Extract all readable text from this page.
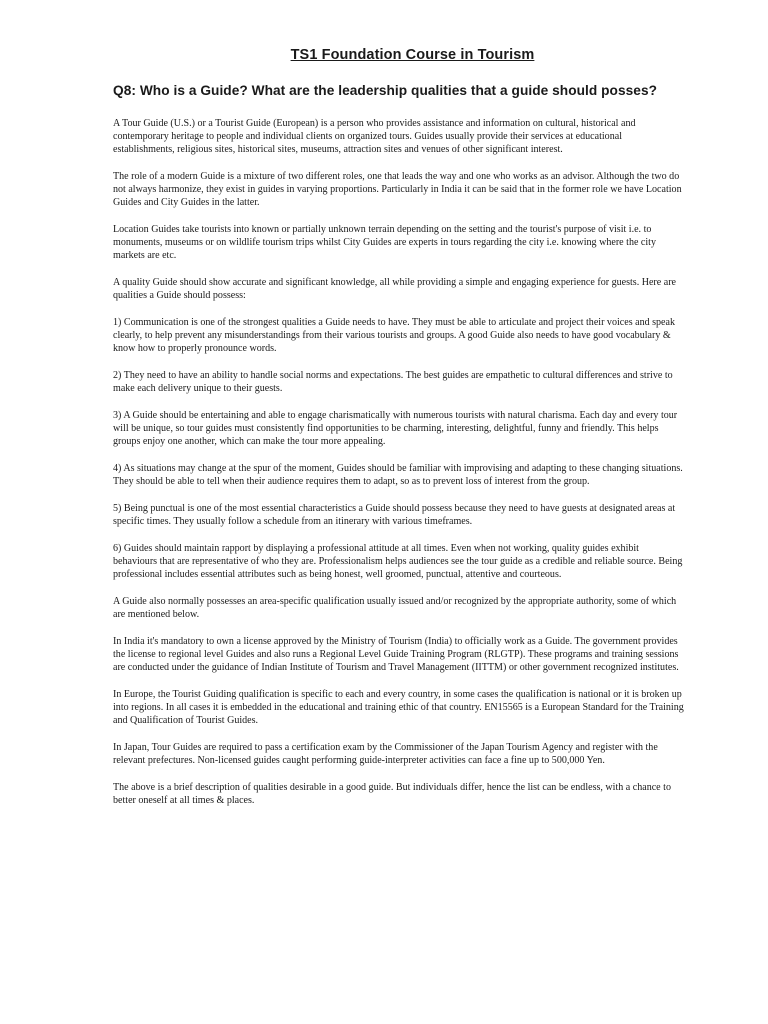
TS1 Foundation Course in Tourism
Q8: Who is a Guide? What are the leadership qualities that a guide should posses?

A Tour Guide (U.S.) or a Tourist Guide (European) is a person who provides assistance and information on cultural, historical and contemporary heritage to people and individual clients on organized tours. Guides usually provide their services at educational establishments, religious sites, historical sites, museums, attraction sites and venues of other significant interest.

The role of a modern Guide is a mixture of two different roles, one that leads the way and one who works as an advisor. Although the two do not always harmonize, they exist in guides in varying proportions. Particularly in India it can be said that in the former role we have Location Guides and City Guides in the latter.

Location Guides take tourists into known or partially unknown terrain depending on the setting and the tourist's purpose of visit i.e. to monuments, museums or on wildlife tourism trips whilst City Guides are experts in tours regarding the city i.e. knowing where the city markets are etc.

A quality Guide should show accurate and significant knowledge, all while providing a simple and engaging experience for guests. Here are qualities a Guide should possess:

1) Communication is one of the strongest qualities a Guide needs to have. They must be able to articulate and project their voices and speak clearly, to help prevent any misunderstandings from their various tourists and groups. A good Guide also needs to have good vocabulary & know how to properly pronounce words.

2) They need to have an ability to handle social norms and expectations. The best guides are empathetic to cultural differences and strive to make each delivery unique to their guests.

3) A Guide should be entertaining and able to engage charismatically with numerous tourists with natural charisma. Each day and every tour will be unique, so tour guides must consistently find opportunities to be charming, interesting, delightful, funny and friendly. This helps groups enjoy one another, which can make the tour more appealing.

4) As situations may change at the spur of the moment, Guides should be familiar with improvising and adapting to these changing situations. They should be able to tell when their audience requires them to adapt, so as to prevent loss of interest from the group.

5) Being punctual is one of the most essential characteristics a Guide should possess because they need to have guests at designated areas at specific times. They usually follow a schedule from an itinerary with various timeframes.

6) Guides should maintain rapport by displaying a professional attitude at all times. Even when not working, quality guides exhibit behaviours that are representative of who they are. Professionalism helps audiences see the tour guide as a credible and reliable source. Being professional includes essential attributes such as being honest, well groomed, punctual, attentive and courteous.

A Guide also normally possesses an area-specific qualification usually issued and/or recognized by the appropriate authority, some of which are mentioned below.

In India it's mandatory to own a license approved by the Ministry of Tourism (India) to officially work as a Guide. The government provides the license to regional level Guides and also runs a Regional Level Guide Training Program (RLGTP). These programs and training sessions are conducted under the guidance of Indian Institute of Tourism and Travel Management (IITTM) or other government recognized institutes.

In Europe, the Tourist Guiding qualification is specific to each and every country, in some cases the qualification is national or it is broken up into regions. In all cases it is embedded in the educational and training ethic of that country. EN15565 is a European Standard for the Training and Qualification of Tourist Guides.

In Japan, Tour Guides are required to pass a certification exam by the Commissioner of the Japan Tourism Agency and register with the relevant prefectures. Non-licensed guides caught performing guide-interpreter activities can face a fine up to 500,000 Yen.

The above is a brief description of qualities desirable in a good guide. But individuals differ, hence the list can be endless, with a chance to better oneself at all times & places.
